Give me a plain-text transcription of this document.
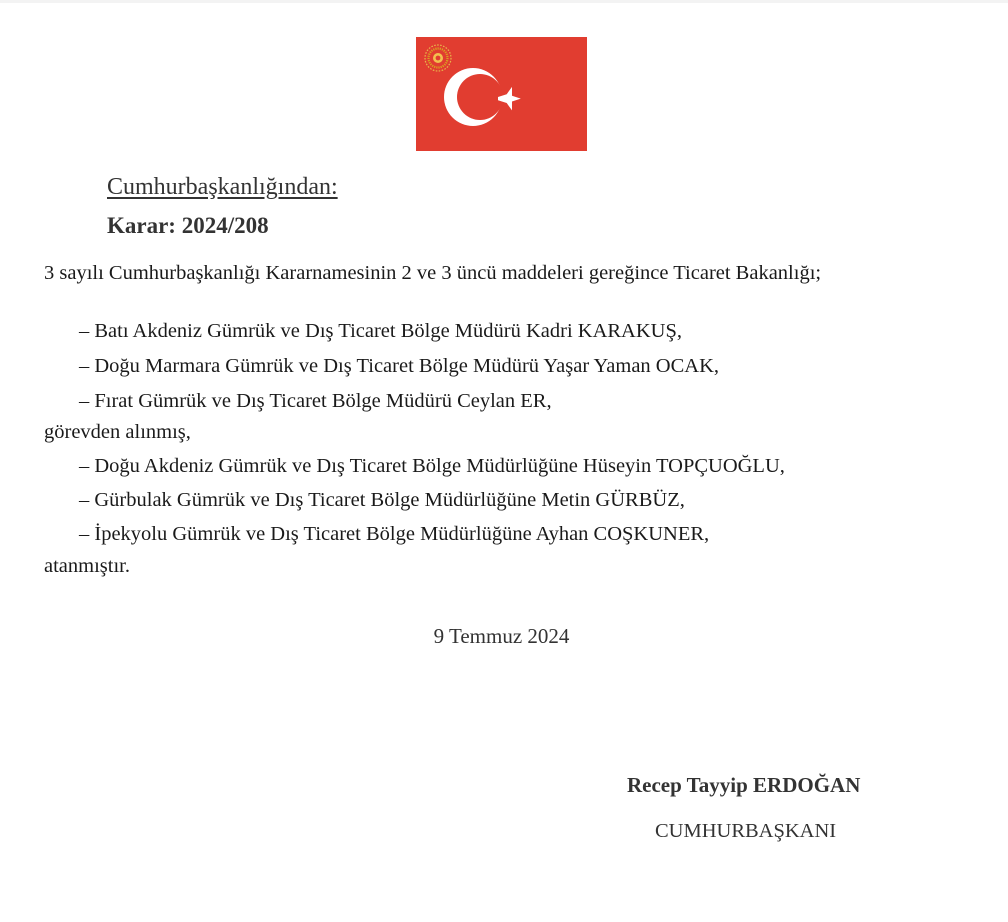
Cumhurbaşkanlığından:
Karar: 2024/208

3 sayılı Cumhurbaşkanlığı Kararnamesinin 2 ve 3 üncü maddeleri gereğince Ticaret Bakanlığı;

– Batı Akdeniz Gümrük ve Dış Ticaret Bölge Müdürü Kadri KARAKUŞ,
– Doğu Marmara Gümrük ve Dış Ticaret Bölge Müdürü Yaşar Yaman OCAK,
– Fırat Gümrük ve Dış Ticaret Bölge Müdürü Ceylan ER,
görevden alınmış,
– Doğu Akdeniz Gümrük ve Dış Ticaret Bölge Müdürlüğüne Hüseyin TOPÇUOĞLU,
– Gürbulak Gümrük ve Dış Ticaret Bölge Müdürlüğüne Metin GÜRBÜZ,
– İpekyolu Gümrük ve Dış Ticaret Bölge Müdürlüğüne Ayhan COŞKUNER,
atanmıştır.
9 Temmuz 2024
Recep Tayyip ERDOĞAN
CUMHURBAŞKANI
